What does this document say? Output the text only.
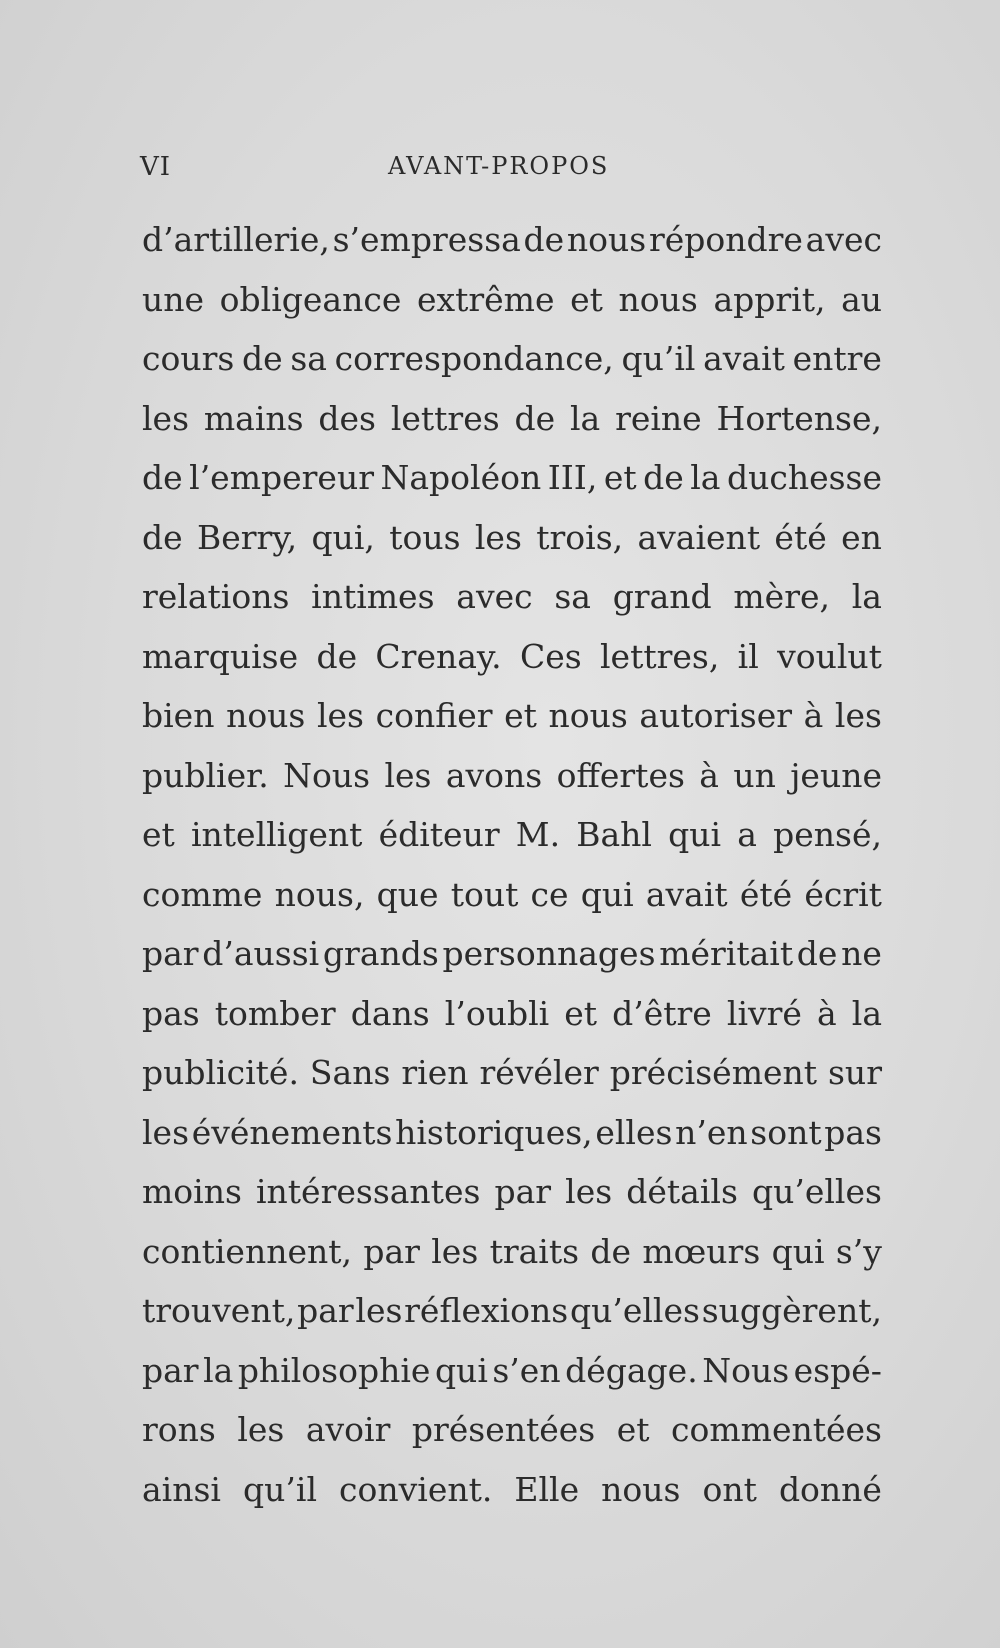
VI	AVANT-PROPOS
d’artillerie, s’empressa de nous répondre avec
une obligeance extrême et nous apprit, au
cours de sa correspondance, qu’il avait entre
les mains des lettres de la reine Hortense,
de l’empereur Napoléon III, et de la duchesse
de Berry, qui, tous les trois, avaient été en
relations intimes avec sa grand mère, la
marquise de Crenay. Ces lettres, il voulut
bien nous les confier et nous autoriser à les
publier. Nous les avons offertes à un jeune
et intelligent éditeur M. Bahl qui a pensé,
comme nous, que tout ce qui avait été écrit
par d’aussi grands personnages méritait de ne
pas tomber dans l’oubli et d’être livré à la
publicité. Sans rien révéler précisément sur
les événements historiques, elles n’en sont pas
moins intéressantes par les détails qu’elles
contiennent, par les traits de mœurs qui s’y
trouvent, par les réflexions qu’elles suggèrent,
par la philosophie qui s’en dégage. Nous espé-
rons les avoir présentées et commentées
ainsi qu’il convient. Elle nous ont donné
